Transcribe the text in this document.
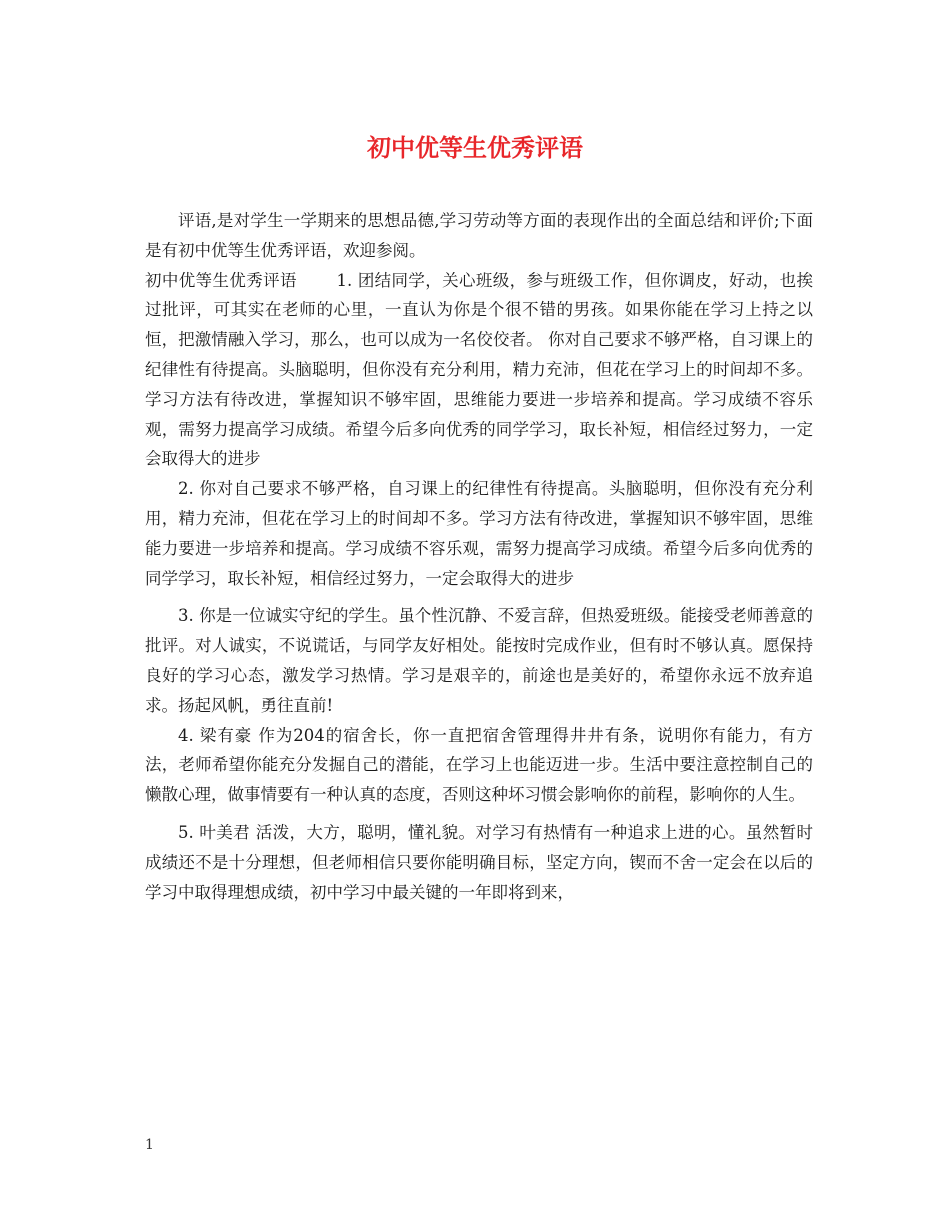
初中优等生优秀评语

评语,是对学生一学期来的思想品德,学习劳动等方面的表现作出的全面总结和评价;下面是有初中优等生优秀评语，欢迎参阅。

初中优等生优秀评语 1. 团结同学，关心班级，参与班级工作，但你调皮，好动，也挨过批评，可其实在老师的心里，一直认为你是个很不错的男孩。如果你能在学习上持之以恒，把激情融入学习，那么，也可以成为一名佼佼者。 你对自己要求不够严格，自习课上的纪律性有待提高。头脑聪明，但你没有充分利用，精力充沛，但花在学习上的时间却不多。学习方法有待改进，掌握知识不够牢固，思维能力要进一步培养和提高。学习成绩不容乐观，需努力提高学习成绩。希望今后多向优秀的同学学习，取长补短，相信经过努力，一定会取得大的进步

2. 你对自己要求不够严格，自习课上的纪律性有待提高。头脑聪明，但你没有充分利用，精力充沛，但花在学习上的时间却不多。学习方法有待改进，掌握知识不够牢固，思维能力要进一步培养和提高。学习成绩不容乐观，需努力提高学习成绩。希望今后多向优秀的同学学习，取长补短，相信经过努力，一定会取得大的进步

3. 你是一位诚实守纪的学生。虽个性沉静、不爱言辞，但热爱班级。能接受老师善意的批评。对人诚实，不说谎话，与同学友好相处。能按时完成作业，但有时不够认真。愿保持良好的学习心态，激发学习热情。学习是艰辛的，前途也是美好的，希望你永远不放弃追求。扬起风帆，勇往直前!

4. 梁有豪 作为204的宿舍长，你一直把宿舍管理得井井有条，说明你有能力，有方法，老师希望你能充分发掘自己的潜能，在学习上也能迈进一步。生活中要注意控制自己的懒散心理，做事情要有一种认真的态度，否则这种坏习惯会影响你的前程，影响你的人生。

5. 叶美君 活泼，大方，聪明，懂礼貌。对学习有热情有一种追求上进的心。虽然暂时成绩还不是十分理想，但老师相信只要你能明确目标，坚定方向，锲而不舍一定会在以后的学习中取得理想成绩，初中学习中最关键的一年即将到来，

1
